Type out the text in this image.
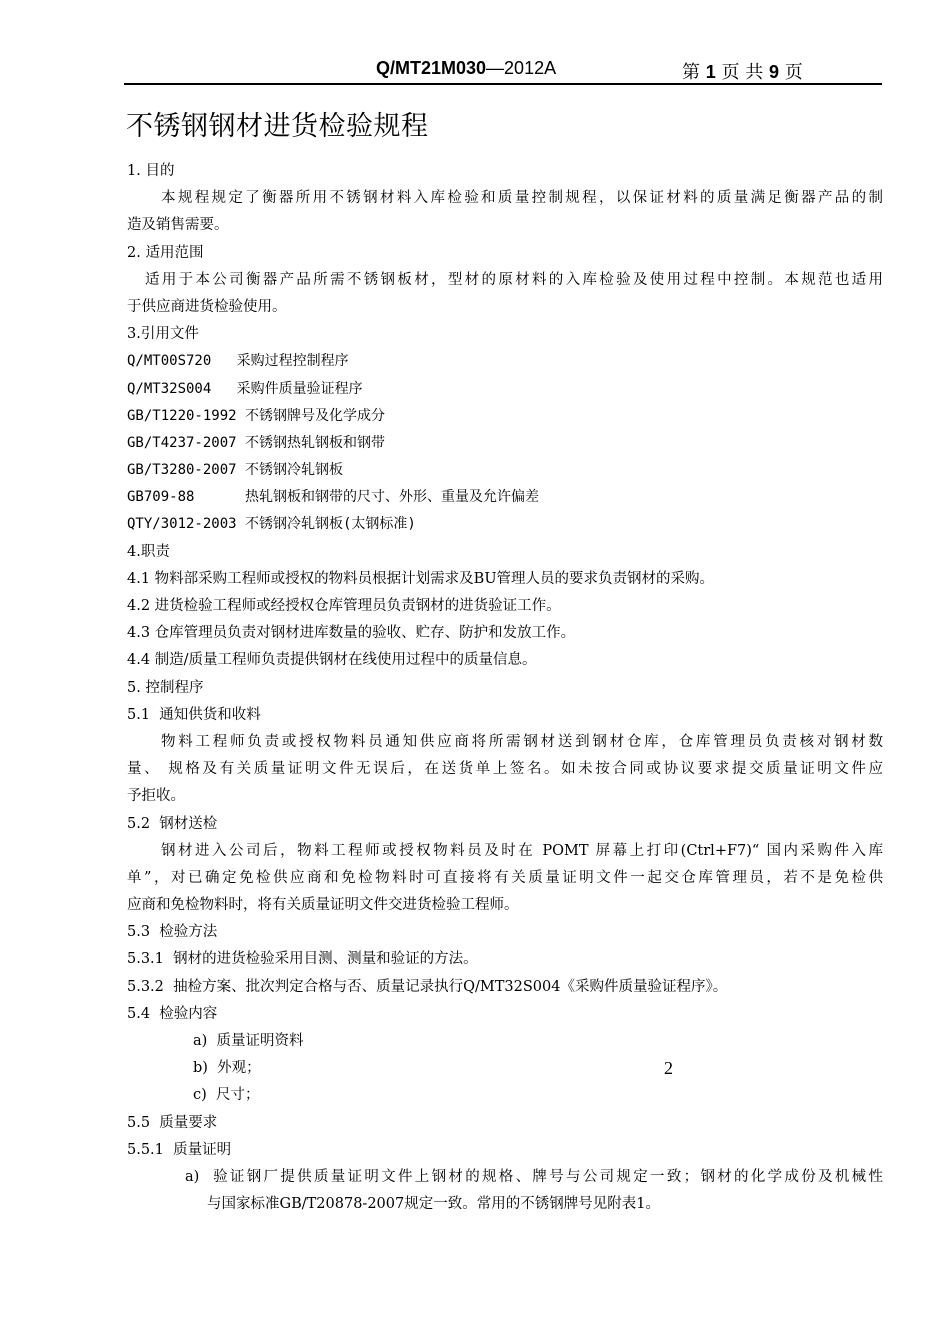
Q/MT21M030—2012A	第 1 页 共 9 页
不锈钢钢材进货检验规程
1. 目的
本规程规定了衡器所用不锈钢材料入库检验和质量控制规程，以保证材料的质量满足衡器产品的制
造及销售需要。
2. 适用范围
适用于本公司衡器产品所需不锈钢板材，型材的原材料的入库检验及使用过程中控制。本规范也适用
于供应商进货检验使用。
3.引用文件
Q/MT00S720   采购过程控制程序
Q/MT32S004   采购件质量验证程序
GB/T1220-1992 不锈钢牌号及化学成分
GB/T4237-2007 不锈钢热轧钢板和钢带
GB/T3280-2007 不锈钢冷轧钢板
GB709-88      热轧钢板和钢带的尺寸、外形、重量及允许偏差
QTY/3012-2003 不锈钢冷轧钢板(太钢标准)
4.职责
4.1 物料部采购工程师或授权的物料员根据计划需求及BU管理人员的要求负责钢材的采购。
4.2 进货检验工程师或经授权仓库管理员负责钢材的进货验证工作。
4.3 仓库管理员负责对钢材进库数量的验收、贮存、防护和发放工作。
4.4 制造/质量工程师负责提供钢材在线使用过程中的质量信息。
5. 控制程序
5.1  通知供货和收料
物料工程师负责或授权物料员通知供应商将所需钢材送到钢材仓库，仓库管理员负责核对钢材数
量、 规格及有关质量证明文件无误后，在送货单上签名。如未按合同或协议要求提交质量证明文件应
予拒收。
5.2  钢材送检
钢材进入公司后，物料工程师或授权物料员及时在 POMT 屏幕上打印(Ctrl+F7)“ 国内采购件入库
单”，对已确定免检供应商和免检物料时可直接将有关质量证明文件一起交仓库管理员，若不是免检供
应商和免检物料时，将有关质量证明文件交进货检验工程师。
5.3  检验方法
5.3.1  钢材的进货检验采用目测、测量和验证的方法。
5.3.2  抽检方案、批次判定合格与否、质量记录执行Q/MT32S004《采购件质量验证程序》。
5.4  检验内容
a)  质量证明资料
b)  外观；
c)  尺寸；
5.5  质量要求
5.5.1  质量证明
a)  验证钢厂提供质量证明文件上钢材的规格、牌号与公司规定一致；钢材的化学成份及机械性
与国家标准GB/T20878-2007规定一致。常用的不锈钢牌号见附表1。
2
